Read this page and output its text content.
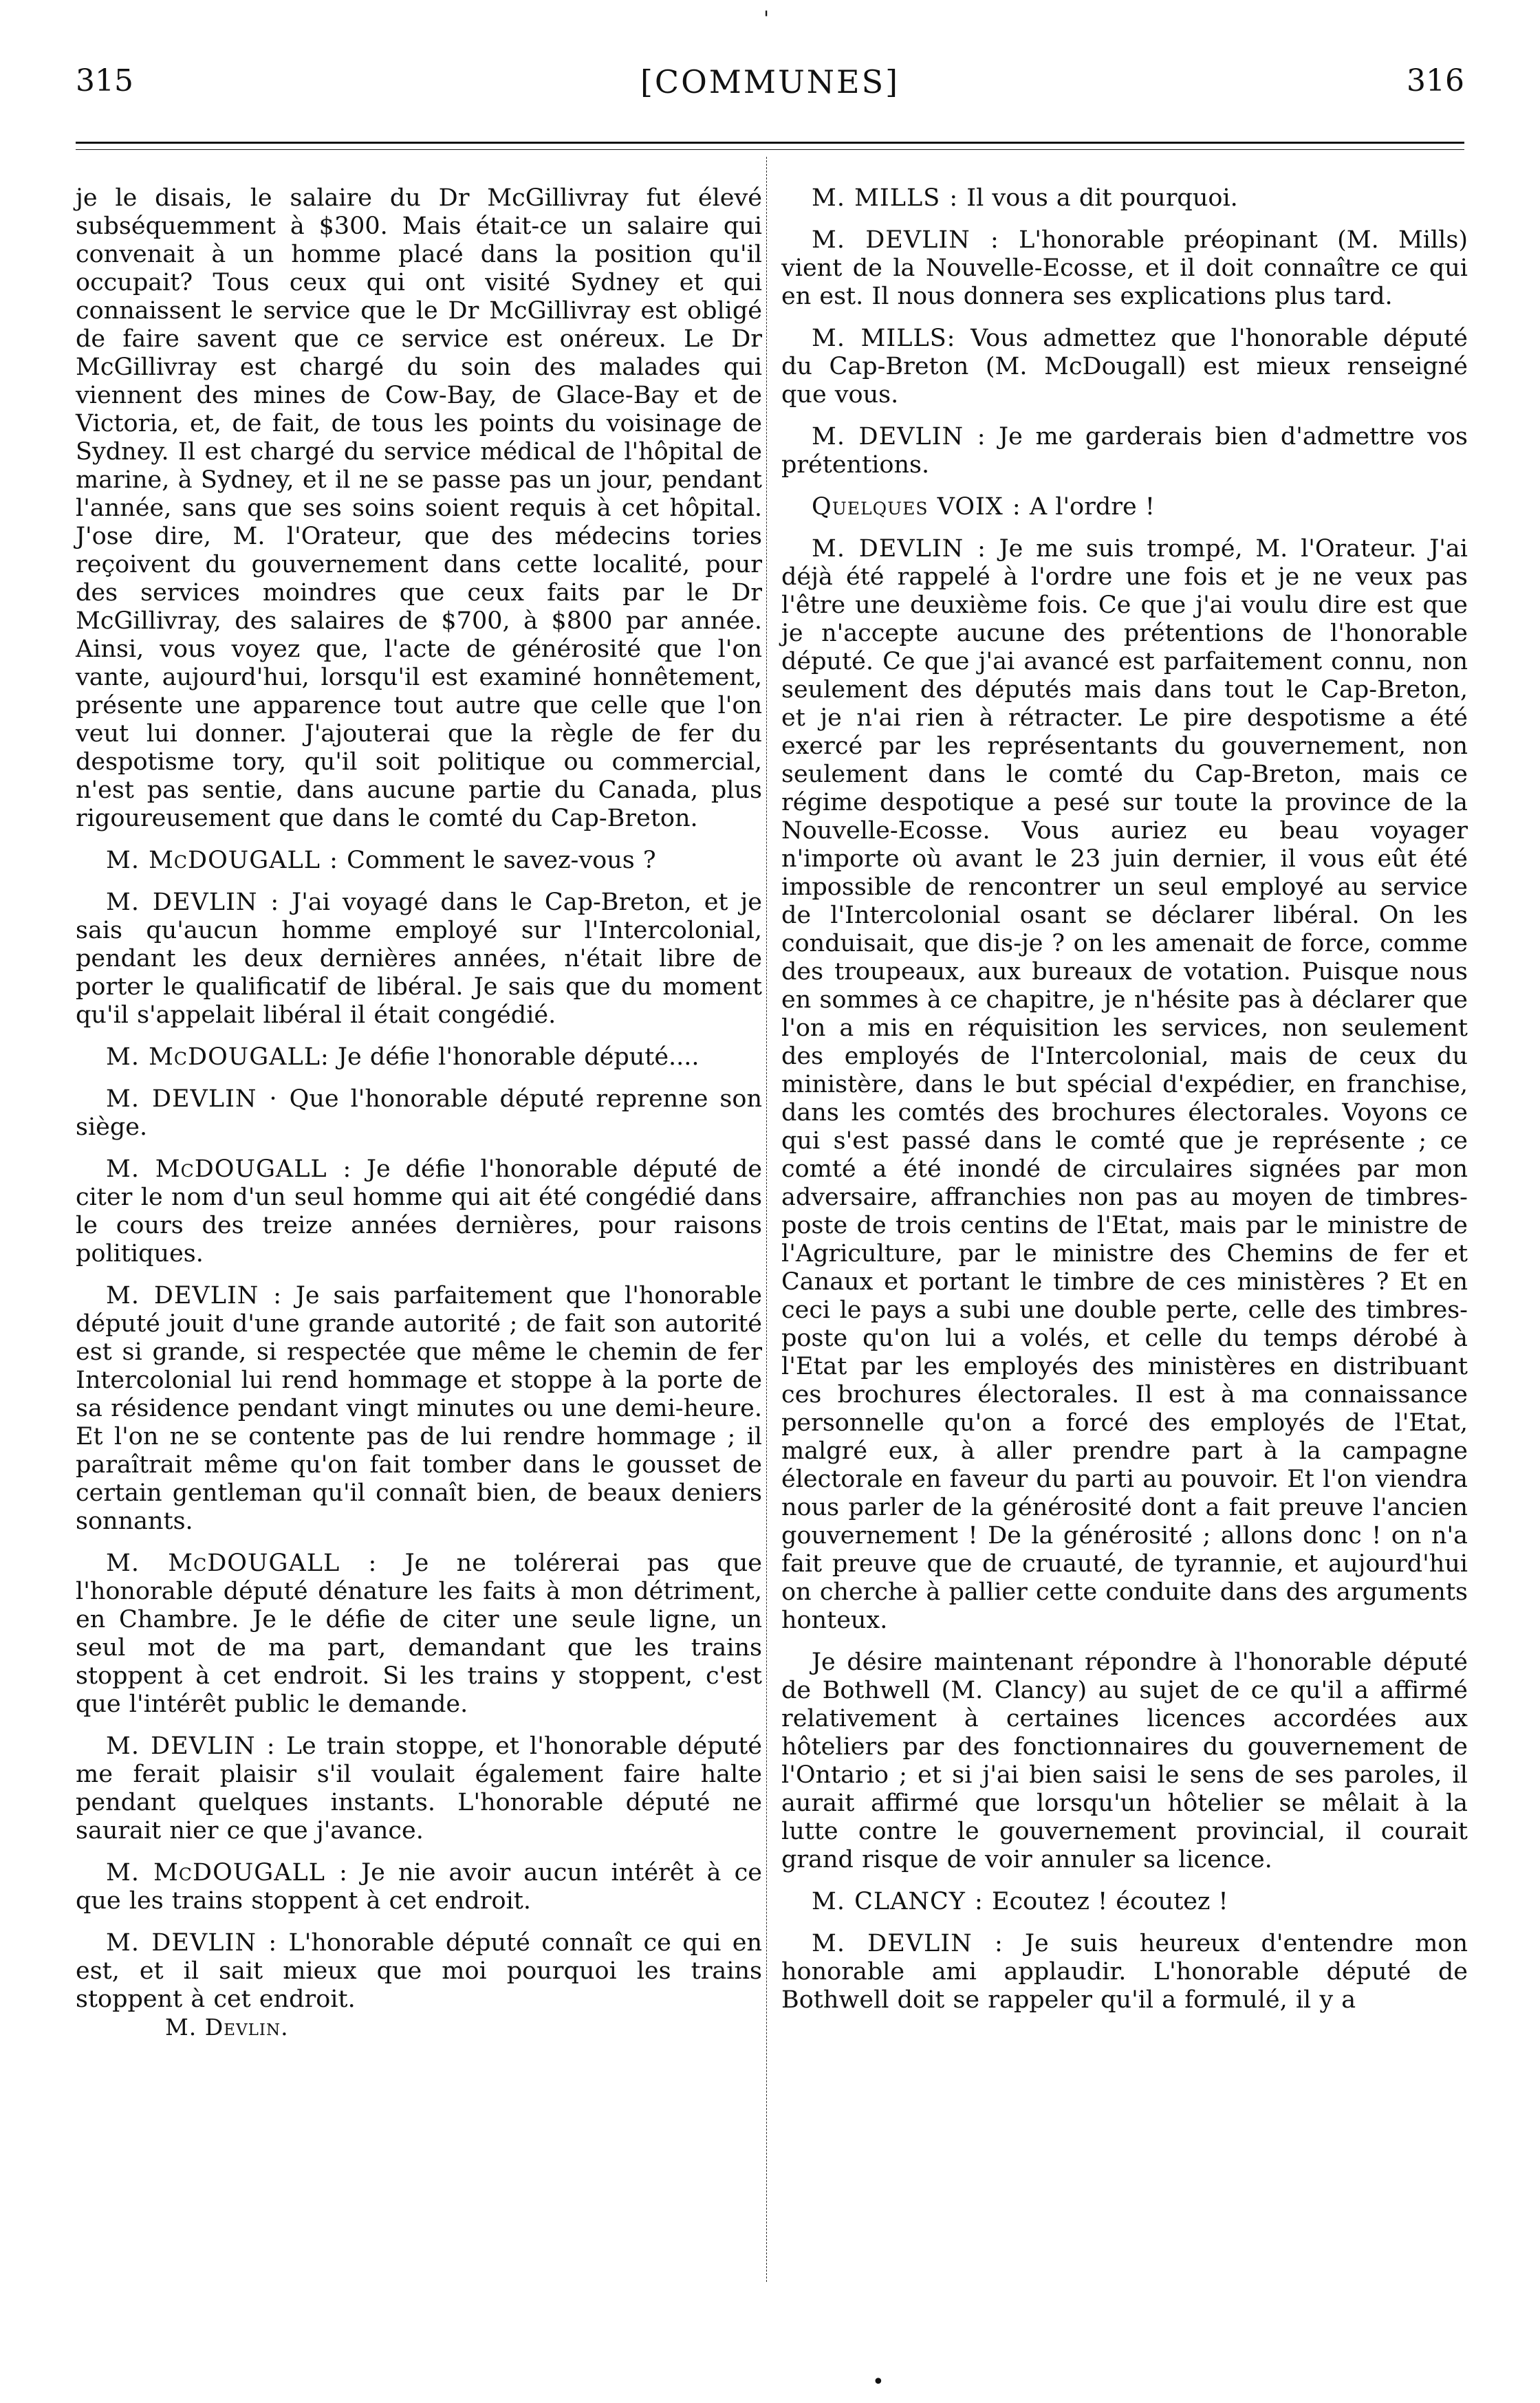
'
315	[COMMUNES]	316

je le disais, le salaire du Dr McGillivray fut élevé subséquemment à $300. Mais était-ce un salaire qui convenait à un homme placé dans la position qu'il occupait? Tous ceux qui ont visité Sydney et qui connaissent le service que le Dr McGillivray est obligé de faire savent que ce service est onéreux. Le Dr McGillivray est chargé du soin des malades qui viennent des mines de Cow-Bay, de Glace-Bay et de Victoria, et, de fait, de tous les points du voisinage de Sydney. Il est chargé du service médical de l'hôpital de marine, à Sydney, et il ne se passe pas un jour, pendant l'année, sans que ses soins soient requis à cet hôpital. J'ose dire, M. l'Orateur, que des médecins tories reçoivent du gouvernement dans cette localité, pour des services moindres que ceux faits par le Dr McGillivray, des salaires de $700, à $800 par année. Ainsi, vous voyez que, l'acte de générosité que l'on vante, aujourd'hui, lorsqu'il est examiné honnêtement, présente une apparence tout autre que celle que l'on veut lui donner. J'ajouterai que la règle de fer du despotisme tory, qu'il soit politique ou commercial, n'est pas sentie, dans aucune partie du Canada, plus rigoureusement que dans le comté du Cap-Breton.

M. McDOUGALL : Comment le savez-vous ?

M. DEVLIN : J'ai voyagé dans le Cap-Breton, et je sais qu'aucun homme employé sur l'Intercolonial, pendant les deux dernières années, n'était libre de porter le qualificatif de libéral. Je sais que du moment qu'il s'appelait libéral il était congédié.

M. McDOUGALL: Je défie l'honorable député....

M. DEVLIN · Que l'honorable député reprenne son siège.

M. McDOUGALL : Je défie l'honorable député de citer le nom d'un seul homme qui ait été congédié dans le cours des treize années dernières, pour raisons politiques.

M. DEVLIN : Je sais parfaitement que l'honorable député jouit d'une grande autorité ; de fait son autorité est si grande, si respectée que même le chemin de fer Intercolonial lui rend hommage et stoppe à la porte de sa résidence pendant vingt minutes ou une demi-heure. Et l'on ne se contente pas de lui rendre hommage ; il paraîtrait même qu'on fait tomber dans le gousset de certain gentleman qu'il connaît bien, de beaux deniers sonnants.

M. McDOUGALL : Je ne tolérerai pas que l'honorable député dénature les faits à mon détriment, en Chambre. Je le défie de citer une seule ligne, un seul mot de ma part, demandant que les trains stoppent à cet endroit. Si les trains y stoppent, c'est que l'intérêt public le demande.

M. DEVLIN : Le train stoppe, et l'honorable député me ferait plaisir s'il voulait également faire halte pendant quelques instants. L'honorable député ne saurait nier ce que j'avance.

M. McDOUGALL : Je nie avoir aucun intérêt à ce que les trains stoppent à cet endroit.

M. DEVLIN : L'honorable député connaît ce qui en est, et il sait mieux que moi pourquoi les trains stoppent à cet endroit.

M. Devlin.

M. MILLS : Il vous a dit pourquoi.

M. DEVLIN : L'honorable préopinant (M. Mills) vient de la Nouvelle-Ecosse, et il doit connaître ce qui en est. Il nous donnera ses explications plus tard.

M. MILLS: Vous admettez que l'honorable député du Cap-Breton (M. McDougall) est mieux renseigné que vous.

M. DEVLIN : Je me garderais bien d'admettre vos prétentions.

Quelques VOIX : A l'ordre !

M. DEVLIN : Je me suis trompé, M. l'Orateur. J'ai déjà été rappelé à l'ordre une fois et je ne veux pas l'être une deuxième fois. Ce que j'ai voulu dire est que je n'accepte aucune des prétentions de l'honorable député. Ce que j'ai avancé est parfaitement connu, non seulement des députés mais dans tout le Cap-Breton, et je n'ai rien à rétracter. Le pire despotisme a été exercé par les représentants du gouvernement, non seulement dans le comté du Cap-Breton, mais ce régime despotique a pesé sur toute la province de la Nouvelle-Ecosse. Vous auriez eu beau voyager n'importe où avant le 23 juin dernier, il vous eût été impossible de rencontrer un seul employé au service de l'Intercolonial osant se déclarer libéral. On les conduisait, que dis-je ? on les amenait de force, comme des troupeaux, aux bureaux de votation. Puisque nous en sommes à ce chapitre, je n'hésite pas à déclarer que l'on a mis en réquisition les services, non seulement des employés de l'Intercolonial, mais de ceux du ministère, dans le but spécial d'expédier, en franchise, dans les comtés des brochures électorales. Voyons ce qui s'est passé dans le comté que je représente ; ce comté a été inondé de circulaires signées par mon adversaire, affranchies non pas au moyen de timbres-poste de trois centins de l'Etat, mais par le ministre de l'Agriculture, par le ministre des Chemins de fer et Canaux et portant le timbre de ces ministères ? Et en ceci le pays a subi une double perte, celle des timbres-poste qu'on lui a volés, et celle du temps dérobé à l'Etat par les employés des ministères en distribuant ces brochures électorales. Il est à ma connaissance personnelle qu'on a forcé des employés de l'Etat, malgré eux, à aller prendre part à la campagne électorale en faveur du parti au pouvoir. Et l'on viendra nous parler de la générosité dont a fait preuve l'ancien gouvernement ! De la générosité ; allons donc ! on n'a fait preuve que de cruauté, de tyrannie, et aujourd'hui on cherche à pallier cette conduite dans des arguments honteux.

Je désire maintenant répondre à l'honorable député de Bothwell (M. Clancy) au sujet de ce qu'il a affirmé relativement à certaines licences accordées aux hôteliers par des fonctionnaires du gouvernement de l'Ontario ; et si j'ai bien saisi le sens de ses paroles, il aurait affirmé que lorsqu'un hôtelier se mêlait à la lutte contre le gouvernement provincial, il courait grand risque de voir annuler sa licence.

M. CLANCY : Ecoutez ! écoutez !

M. DEVLIN : Je suis heureux d'entendre mon honorable ami applaudir. L'honorable député de Bothwell doit se rappeler qu'il a formulé, il y a

•
